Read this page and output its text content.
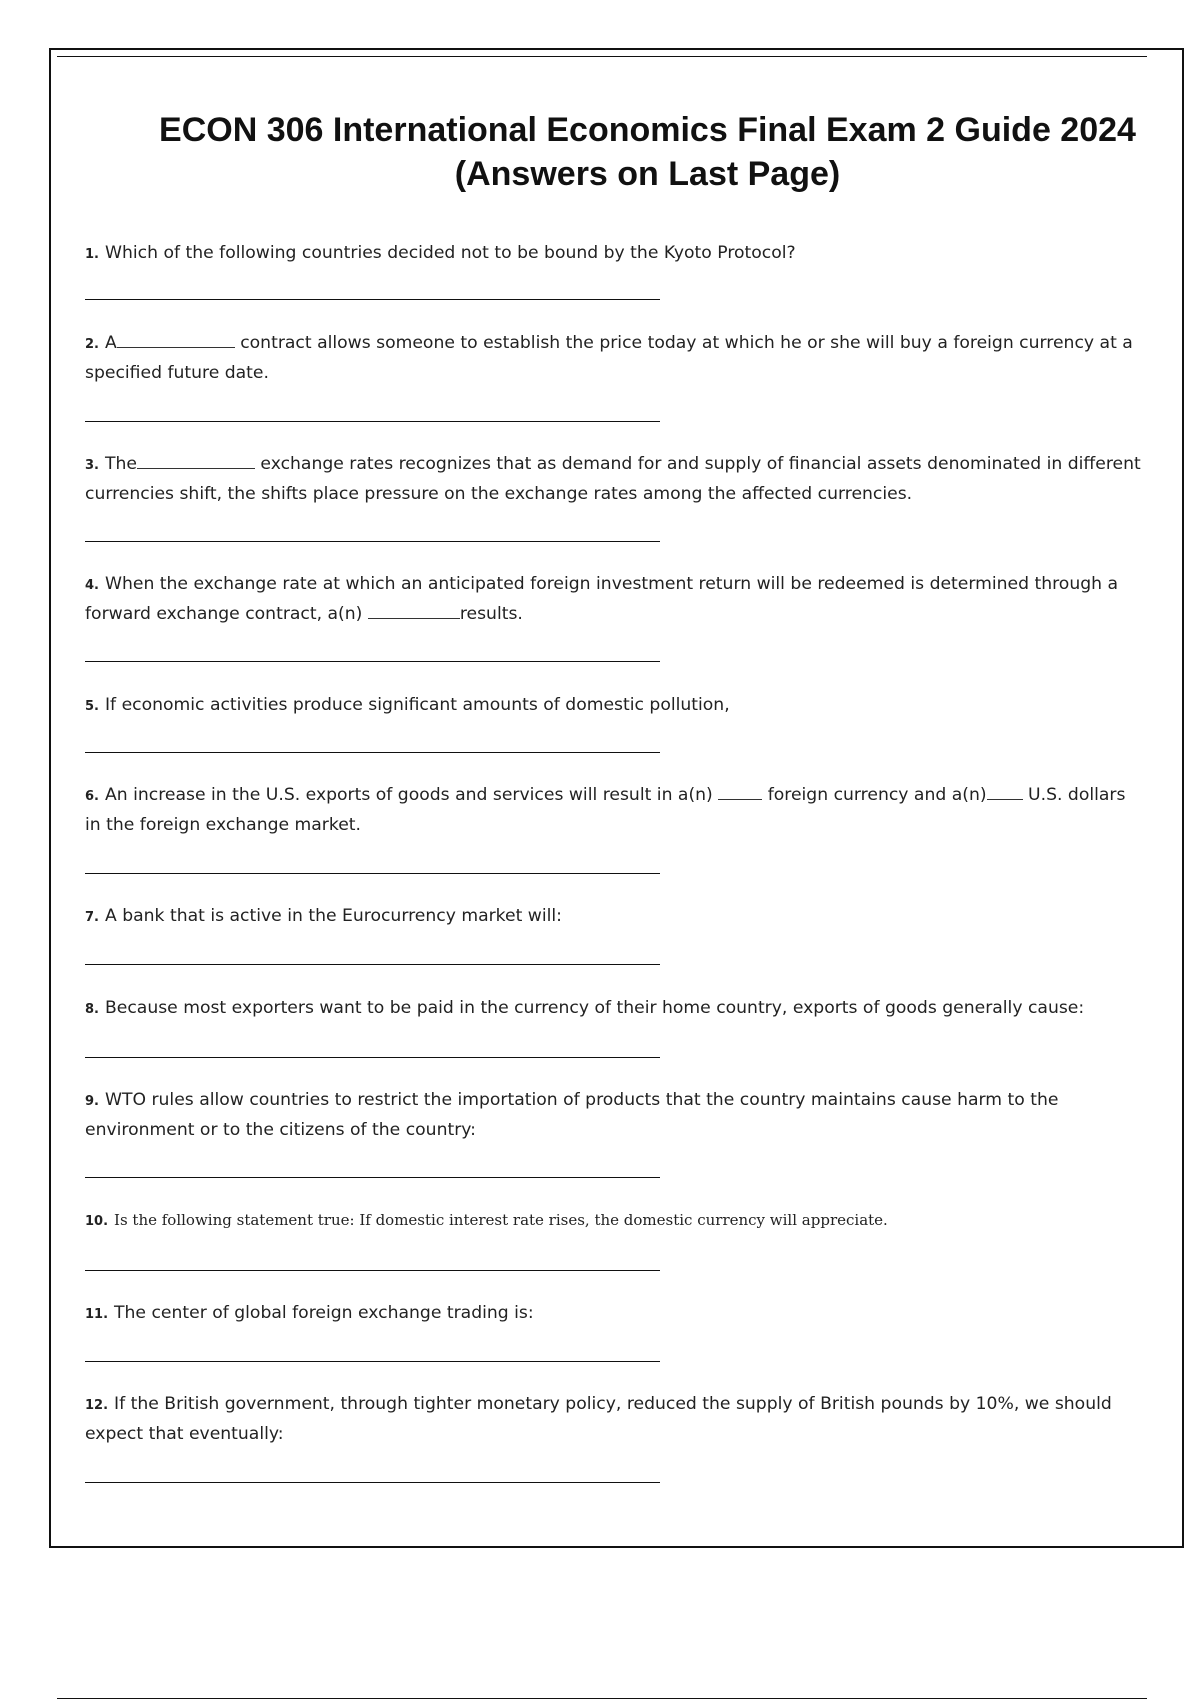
ECON 306 International Economics Final Exam 2 Guide 2024
(Answers on Last Page)

1. Which of the following countries decided not to be bound by the Kyoto Protocol?

2. A	contract allows someone to establish the price today at which he or she will buy a foreign currency at a specified future date.

3. The	exchange rates recognizes that as demand for and supply of financial assets denominated in different currencies shift, the shifts place pressure on the exchange rates among the affected currencies.

4. When the exchange rate at which an anticipated foreign investment return will be redeemed is determined through a forward exchange contract, a(n)	results.

5. If economic activities produce significant amounts of domestic pollution,

6. An increase in the U.S. exports of goods and services will result in a(n)	foreign currency and a(n) U.S. dollars in the foreign exchange market.

7. A bank that is active in the Eurocurrency market will:

8. Because most exporters want to be paid in the currency of their home country, exports of goods generally cause:

9. WTO rules allow countries to restrict the importation of products that the country maintains cause harm to the environment or to the citizens of the country:

10. Is the following statement true: If domestic interest rate rises, the domestic currency will appreciate.

11. The center of global foreign exchange trading is:

12. If the British government, through tighter monetary policy, reduced the supply of British pounds by 10%, we should expect that eventually:
